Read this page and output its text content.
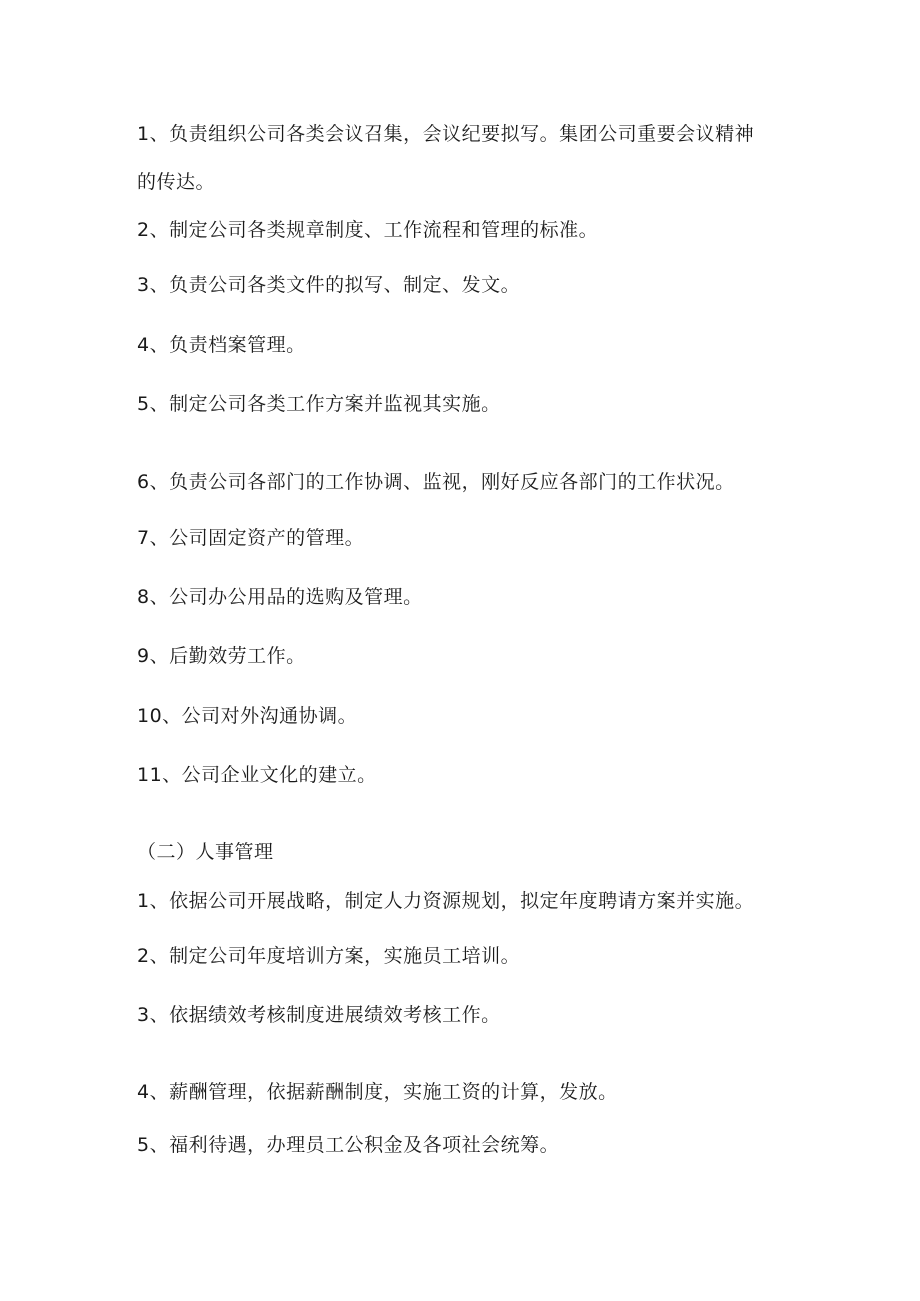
1、负责组织公司各类会议召集，会议纪要拟写。集团公司重要会议精神
的传达。
2、制定公司各类规章制度、工作流程和管理的标准。
3、负责公司各类文件的拟写、制定、发文。
4、负责档案管理。
5、制定公司各类工作方案并监视其实施。
6、负责公司各部门的工作协调、监视，刚好反应各部门的工作状况。
7、公司固定资产的管理。
8、公司办公用品的选购及管理。
9、后勤效劳工作。
10、公司对外沟通协调。
11、公司企业文化的建立。
（二）人事管理
1、依据公司开展战略，制定人力资源规划，拟定年度聘请方案并实施。
2、制定公司年度培训方案，实施员工培训。
3、依据绩效考核制度进展绩效考核工作。
4、薪酬管理，依据薪酬制度，实施工资的计算，发放。
5、福利待遇，办理员工公积金及各项社会统筹。
